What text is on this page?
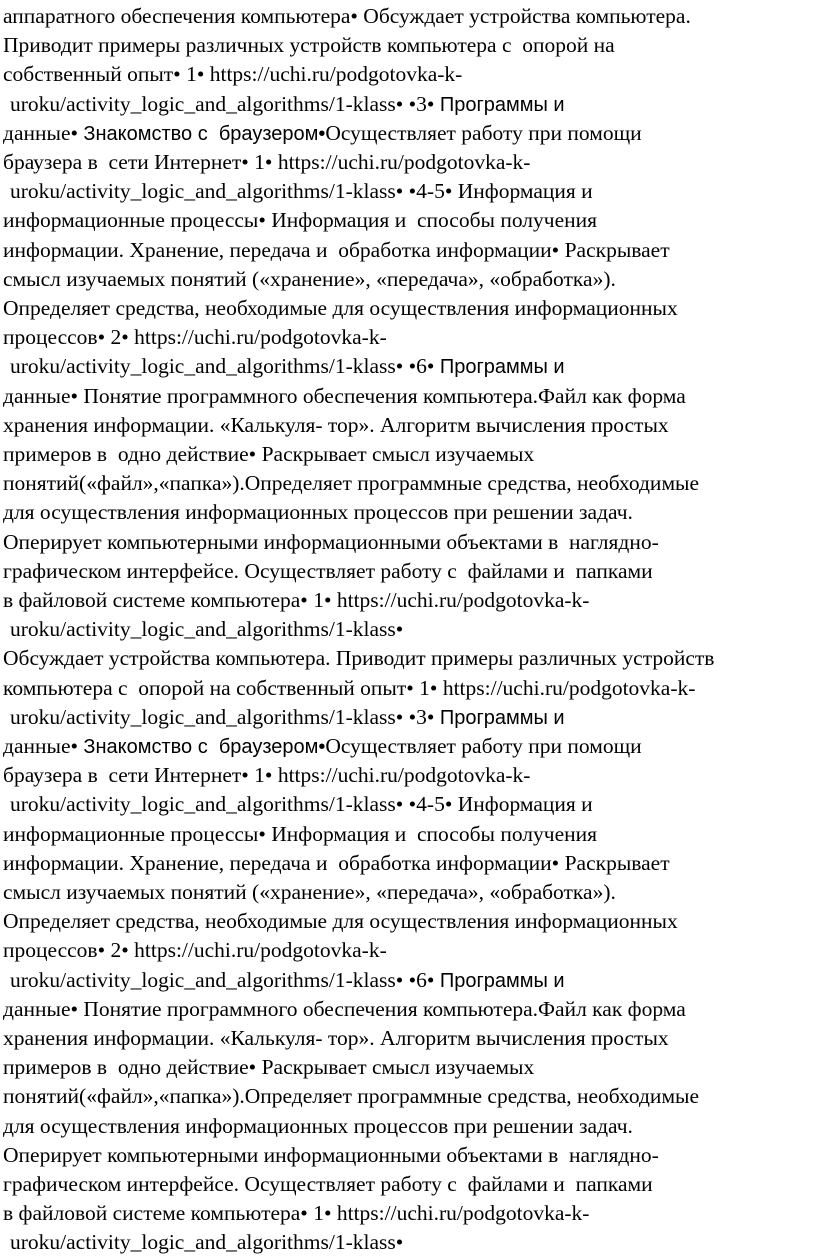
аппаратного обеспечения компьютера• Обсуждает устройства компьютера.
Приводит примеры различных устройств компьютера с  опорой на
собственный опыт• 1• https://uchi.ru/podgotovka-k-
uroku/activity_logic_and_algorithms/1-klass• •3• Программы и
данные• Знакомство с  браузером•Осуществляет работу при помощи
браузера в  сети Интернет• 1• https://uchi.ru/podgotovka-k-
uroku/activity_logic_and_algorithms/1-klass• •4-5• Информация и
информационные процессы• Информация и  способы получения
информации. Хранение, передача и  обработка информации• Раскрывает
смысл изучаемых понятий («хранение», «передача», «обработка»).
Определяет средства, необходимые для осуществления информационных
процессов• 2• https://uchi.ru/podgotovka-k-
uroku/activity_logic_and_algorithms/1-klass• •6• Программы и
данные• Понятие программного обеспечения компьютера.Файл как форма
хранения информации. «Калькуля- тор». Алгоритм вычисления простых
примеров в  одно действие• Раскрывает смысл изучаемых
понятий(«файл»,«папка»).Определяет программные средства, необходимые
для осуществления информационных процессов при решении задач.
Оперирует компьютерными информационными объектами в  наглядно-
графическом интерфейсе. Осуществляет работу с  файлами и  папками
в файловой системе компьютера• 1• https://uchi.ru/podgotovka-k-
uroku/activity_logic_and_algorithms/1-klass•
Обсуждает устройства компьютера. Приводит примеры различных устройств
компьютера с  опорой на собственный опыт• 1• https://uchi.ru/podgotovka-k-
uroku/activity_logic_and_algorithms/1-klass• •3• Программы и
данные• Знакомство с  браузером•Осуществляет работу при помощи
браузера в  сети Интернет• 1• https://uchi.ru/podgotovka-k-
uroku/activity_logic_and_algorithms/1-klass• •4-5• Информация и
информационные процессы• Информация и  способы получения
информации. Хранение, передача и  обработка информации• Раскрывает
смысл изучаемых понятий («хранение», «передача», «обработка»).
Определяет средства, необходимые для осуществления информационных
процессов• 2• https://uchi.ru/podgotovka-k-
uroku/activity_logic_and_algorithms/1-klass• •6• Программы и
данные• Понятие программного обеспечения компьютера.Файл как форма
хранения информации. «Калькуля- тор». Алгоритм вычисления простых
примеров в  одно действие• Раскрывает смысл изучаемых
понятий(«файл»,«папка»).Определяет программные средства, необходимые
для осуществления информационных процессов при решении задач.
Оперирует компьютерными информационными объектами в  наглядно-
графическом интерфейсе. Осуществляет работу с  файлами и  папками
в файловой системе компьютера• 1• https://uchi.ru/podgotovka-k-
uroku/activity_logic_and_algorithms/1-klass•
